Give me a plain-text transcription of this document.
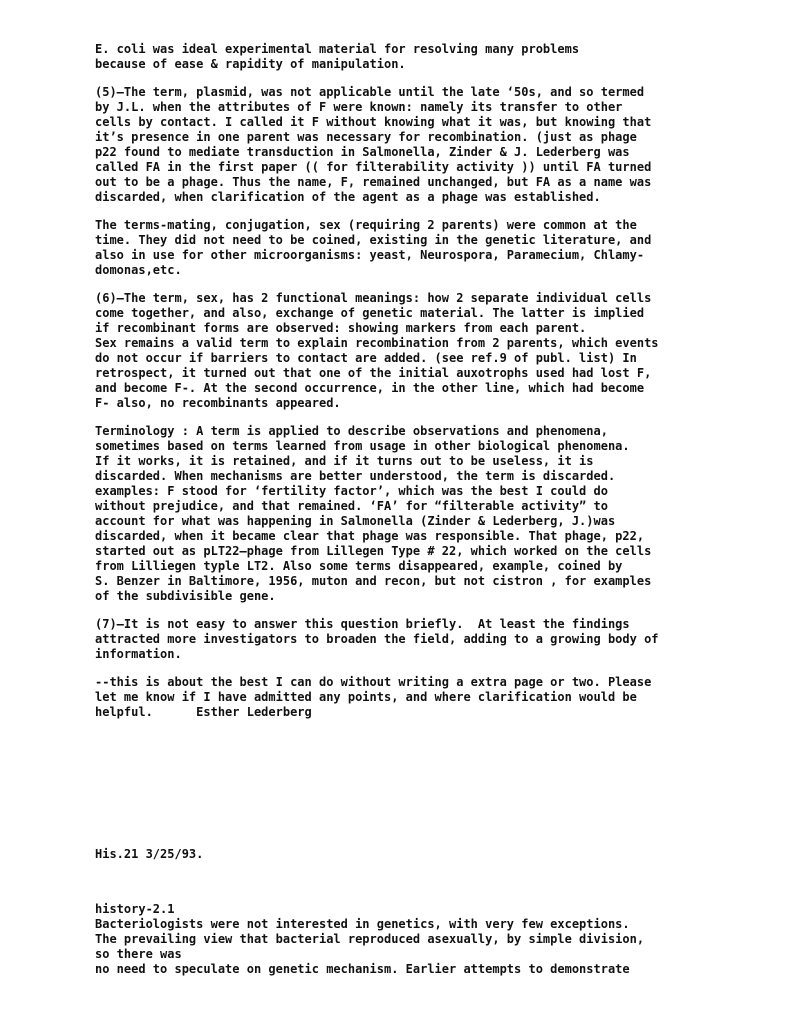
E. coli was ideal experimental material for resolving many problems

because of ease & rapidity of manipulation.

(5)—The term, plasmid, was not applicable until the late ‘50s, and so termed

by J.L. when the attributes of F were known: namely its transfer to other

cells by contact. I called it F without knowing what it was, but knowing that

it’s presence in one parent was necessary for recombination. (just as phage

p22 found to mediate transduction in Salmonella, Zinder & J. Lederberg was

called FA in the first paper (( for filterability activity )) until FA turned

out to be a phage. Thus the name, F, remained unchanged, but FA as a name was

discarded, when clarification of the agent as a phage was established.

The terms-mating, conjugation, sex (requiring 2 parents) were common at the

time. They did not need to be coined, existing in the genetic literature, and

also in use for other microorganisms: yeast, Neurospora, Paramecium, Chlamy-

domonas,etc.

(6)—The term, sex, has 2 functional meanings: how 2 separate individual cells

come together, and also, exchange of genetic material. The latter is implied

if recombinant forms are observed: showing markers from each parent.

Sex remains a valid term to explain recombination from 2 parents, which events

do not occur if barriers to contact are added. (see ref.9 of publ. list) In

retrospect, it turned out that one of the initial auxotrophs used had lost F,

and become F-. At the second occurrence, in the other line, which had become

F- also, no recombinants appeared.

Terminology : A term is applied to describe observations and phenomena,

sometimes based on terms learned from usage in other biological phenomena.

If it works, it is retained, and if it turns out to be useless, it is

discarded. When mechanisms are better understood, the term is discarded.

examples: F stood for ‘fertility factor’, which was the best I could do

without prejudice, and that remained. ‘FA’ for “filterable activity” to

account for what was happening in Salmonella (Zinder & Lederberg, J.)was

discarded, when it became clear that phage was responsible. That phage, p22,

started out as pLT22—phage from Lillegen Type # 22, which worked on the cells

from Lilliegen typle LT2. Also some terms disappeared, example, coined by

S. Benzer in Baltimore, 1956, muton and recon, but not cistron , for examples

of the subdivisible gene.

(7)—It is not easy to answer this question briefly.  At least the findings

attracted more investigators to broaden the field, adding to a growing body of

information.

--this is about the best I can do without writing a extra page or two. Please

let me know if I have admitted any points, and where clarification would be

helpful.      Esther Lederberg

His.21 3/25/93.

history-2.1

Bacteriologists were not interested in genetics, with very few exceptions.

The prevailing view that bacterial reproduced asexually, by simple division,

so there was

no need to speculate on genetic mechanism. Earlier attempts to demonstrate
